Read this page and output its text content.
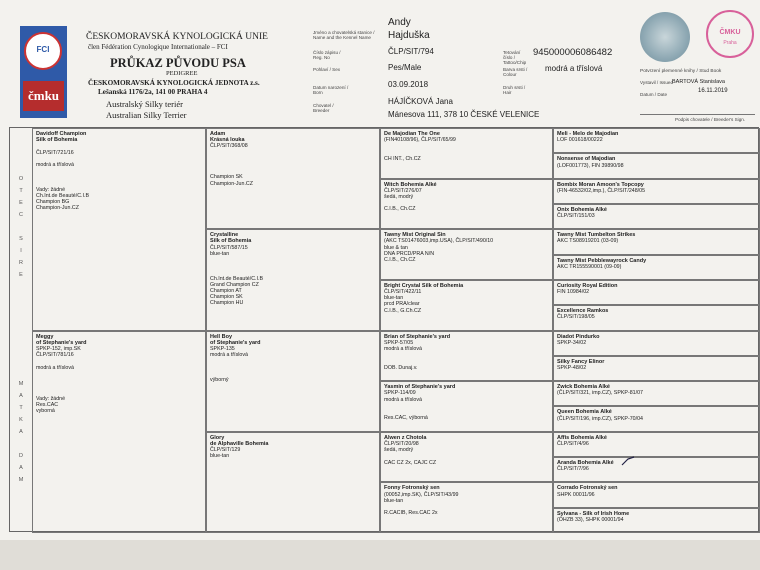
FCI
čmku
ČESKOMORAVSKÁ KYNOLOGICKÁ UNIE
člen Fédération Cynologique Internationale – FCI
PRŮKAZ PŮVODU PSA
PEDIGREE
ČESKOMORAVSKÁ KYNOLOGICKÁ JEDNOTA z.s.
Lešanská 1176/2a, 141 00 PRAHA 4
Australský Silky teriér
Australian Silky Terrier
Jméno a chovatelská stanice / Name and the Kennel Name
Číslo zápisu / Reg. No
Pohlaví / Sex
Datum narození / Born
Chovatel / Breeder
Andy
Hajduška
ČLP/SIT/794
Pes/Male
03.09.2018
HÁJÍČKOVÁ Jana
Mánesova 111, 378 10 ČESKÉ VELENICE
Tetování číslo / Tattoo/Chip
Barva srsti / Colour
Druh srsti / Hair
945000006086482
modrá a tříslová
ČMKU
Praha
Potvrzení plemenné knihy / Stud Book
Vystavil / Issued
BARTOVÁ Stanislava
Datum / Date
16.11.2019
Podpis chovatele / Breeder's Sign.
O
T
E
C

S
I
R
E
M
A
T
K
A

D
A
M
Davidoff Champion
Silk of Bohemia

ČLP/SIT/721/16

modrá a tříslová

Vady: žádné
Ch.Int.de Beauté/C.I.B
Champion BG
Champion-Jun.CZ
Meggy
of Stephanie's yard
SPKP-152, imp.SK
ČLP/SIT/781/16

modrá a tříslová

Vady: žádné
Res.CAC
vyborná
Adam
Krásná louka
ČLP/SIT/368/08

Champion SK
Champion-Jun.CZ
Crystalline
Silk of Bohemia
ČLP/SIT/587/15
blue-tan

Ch.Int.de Beauté/C.I.B
Grand Champion CZ
Champion AT
Champion SK
Champion HU
Hell Boy
of Stephanie's yard
SPKP-135
modrá a tříslová

výborný
Glory
de Alphaville Bohemia
ČLP/SIT/129
blue-tan
De Majodian The One
(FIN40108/96), ČLP/SIT/65/99

CH INT., Ch.CZ
Witch Bohemia Alké
ČLP/SIT/276/07
šedá, modrý

C.I.B., Ch.CZ
Tawny Mist Original Sin
(AKC TS01476003,imp.USA), ČLP/SIT/490/10
blue & tan
DNA PRCD/PRA N/N
C.I.B., Ch.CZ
Bright Crystal Silk of Bohemia
ČLP/SIT/422/11
blue-tan
prcd PRA/clear
C.I.B., G.Ch.CZ
Brian of Stephanie's yard
SPKP-57/05
modrá a tříslová

DOB. Dunaj.v.
Yasmin of Stephanie's yard
SPKP-114/09
modrá a tříslová

Res.CAC, výborná
Alwen z Chotola
ČLP/SIT/20/98
šedá, modrý

CAC CZ 2x, CAJC CZ
Fonny Fotronský sen
(00052,imp.SK), ČLP/SIT/43/99
blue-tan

R.CACIB, Res.CAC 2x
Meli - Melo de Majodian
LOF 001618/00222
Nonsense of Majodian
(LOF001773), FIN 39890/98
Bombix Moran Amoon's Topcopy
(FIN-46532/02,imp.), ČLP/SIT/248/05
Onix Bohemia Alké
ČLP/SIT/151/03
Tawny Mist Tumbelton Strikes
AKC TS08919201 (03-09)
Tawny Mist Pebblewayrock Candy
AKC TR155590001 (09-09)
Curiosity Royal Edition
FIN 10984/02
Excellence Ramkos
ČLP/SIT/198/05
Diadot Pindurko
SPKP-34/02
Silky Fancy Elinor
SPKP-48/02
Zwick Bohemia Alké
(ČLP/SIT/321, imp.CZ), SPKP-81/07
Queen Bohemia Alké
(ČLP/SIT/196, imp.CZ), SPKP-70/04
Affis Bohemia Alké
ČLP/SIT/4/96
Aranda Bohemia Alké
ČLP/SIT/7/96
Corrado Fotronský sen
SHPK 00011/96
Sylvana - Silk of Irish Home
(ÖHZB 33), SHPK 00001/94
